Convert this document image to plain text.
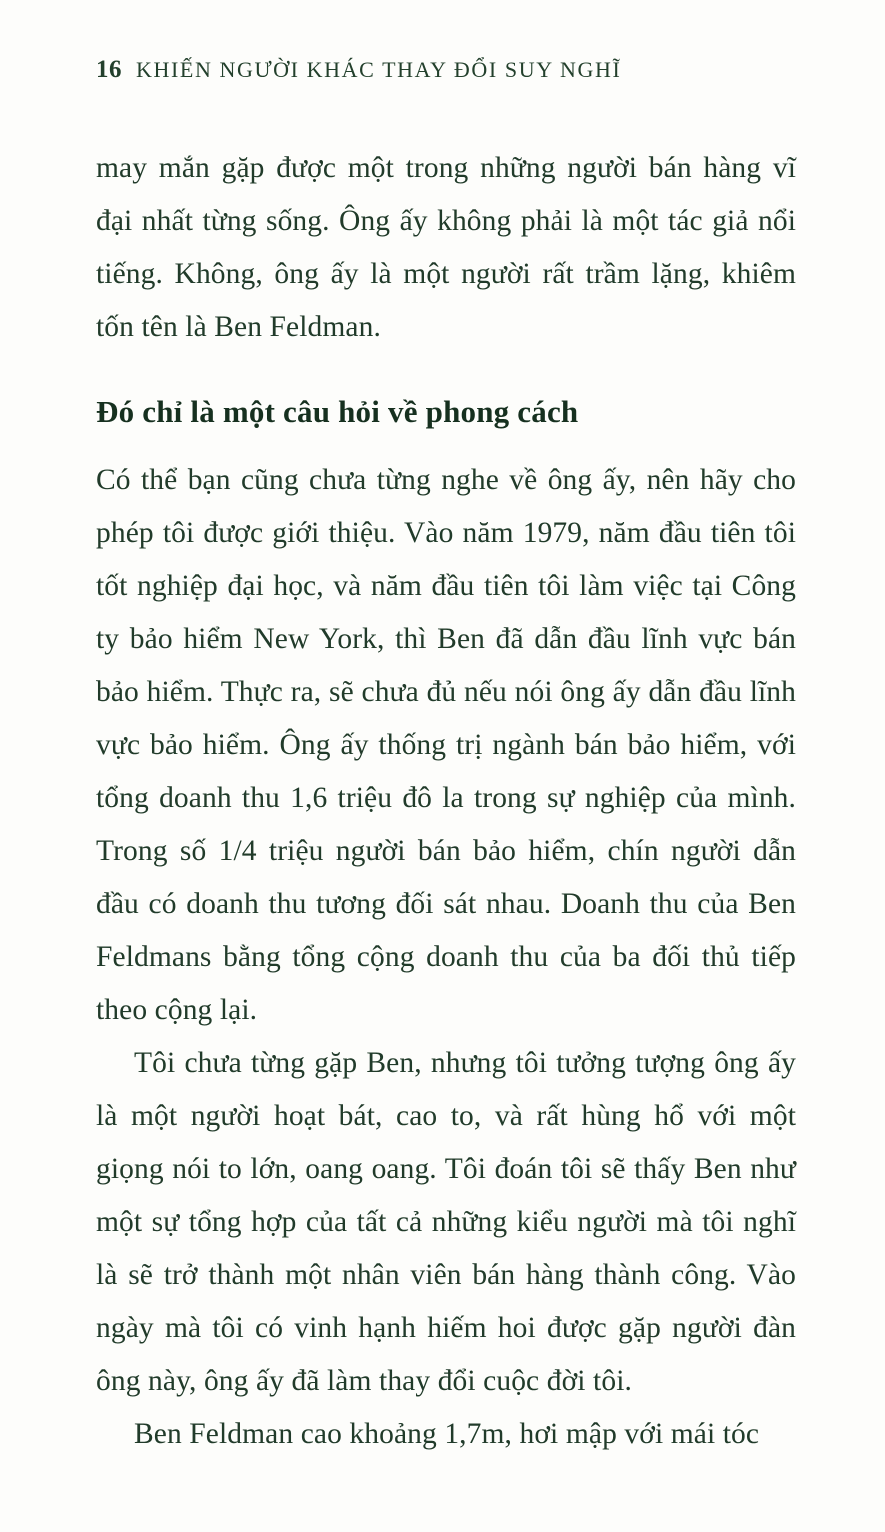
16 KHIẾN NGƯỜI KHÁC THAY ĐỔI SUY NGHĨ

may mắn gặp được một trong những người bán hàng vĩ đại nhất từng sống. Ông ấy không phải là một tác giả nổi tiếng. Không, ông ấy là một người rất trầm lặng, khiêm tốn tên là Ben Feldman.

Đó chỉ là một câu hỏi về phong cách

Có thể bạn cũng chưa từng nghe về ông ấy, nên hãy cho phép tôi được giới thiệu. Vào năm 1979, năm đầu tiên tôi tốt nghiệp đại học, và năm đầu tiên tôi làm việc tại Công ty bảo hiểm New York, thì Ben đã dẫn đầu lĩnh vực bán bảo hiểm. Thực ra, sẽ chưa đủ nếu nói ông ấy dẫn đầu lĩnh vực bảo hiểm. Ông ấy thống trị ngành bán bảo hiểm, với tổng doanh thu 1,6 triệu đô la trong sự nghiệp của mình. Trong số 1/4 triệu người bán bảo hiểm, chín người dẫn đầu có doanh thu tương đối sát nhau. Doanh thu của Ben Feldmans bằng tổng cộng doanh thu của ba đối thủ tiếp theo cộng lại.

Tôi chưa từng gặp Ben, nhưng tôi tưởng tượng ông ấy là một người hoạt bát, cao to, và rất hùng hổ với một giọng nói to lớn, oang oang. Tôi đoán tôi sẽ thấy Ben như một sự tổng hợp của tất cả những kiểu người mà tôi nghĩ là sẽ trở thành một nhân viên bán hàng thành công. Vào ngày mà tôi có vinh hạnh hiếm hoi được gặp người đàn ông này, ông ấy đã làm thay đổi cuộc đời tôi.

Ben Feldman cao khoảng 1,7m, hơi mập với mái tóc
